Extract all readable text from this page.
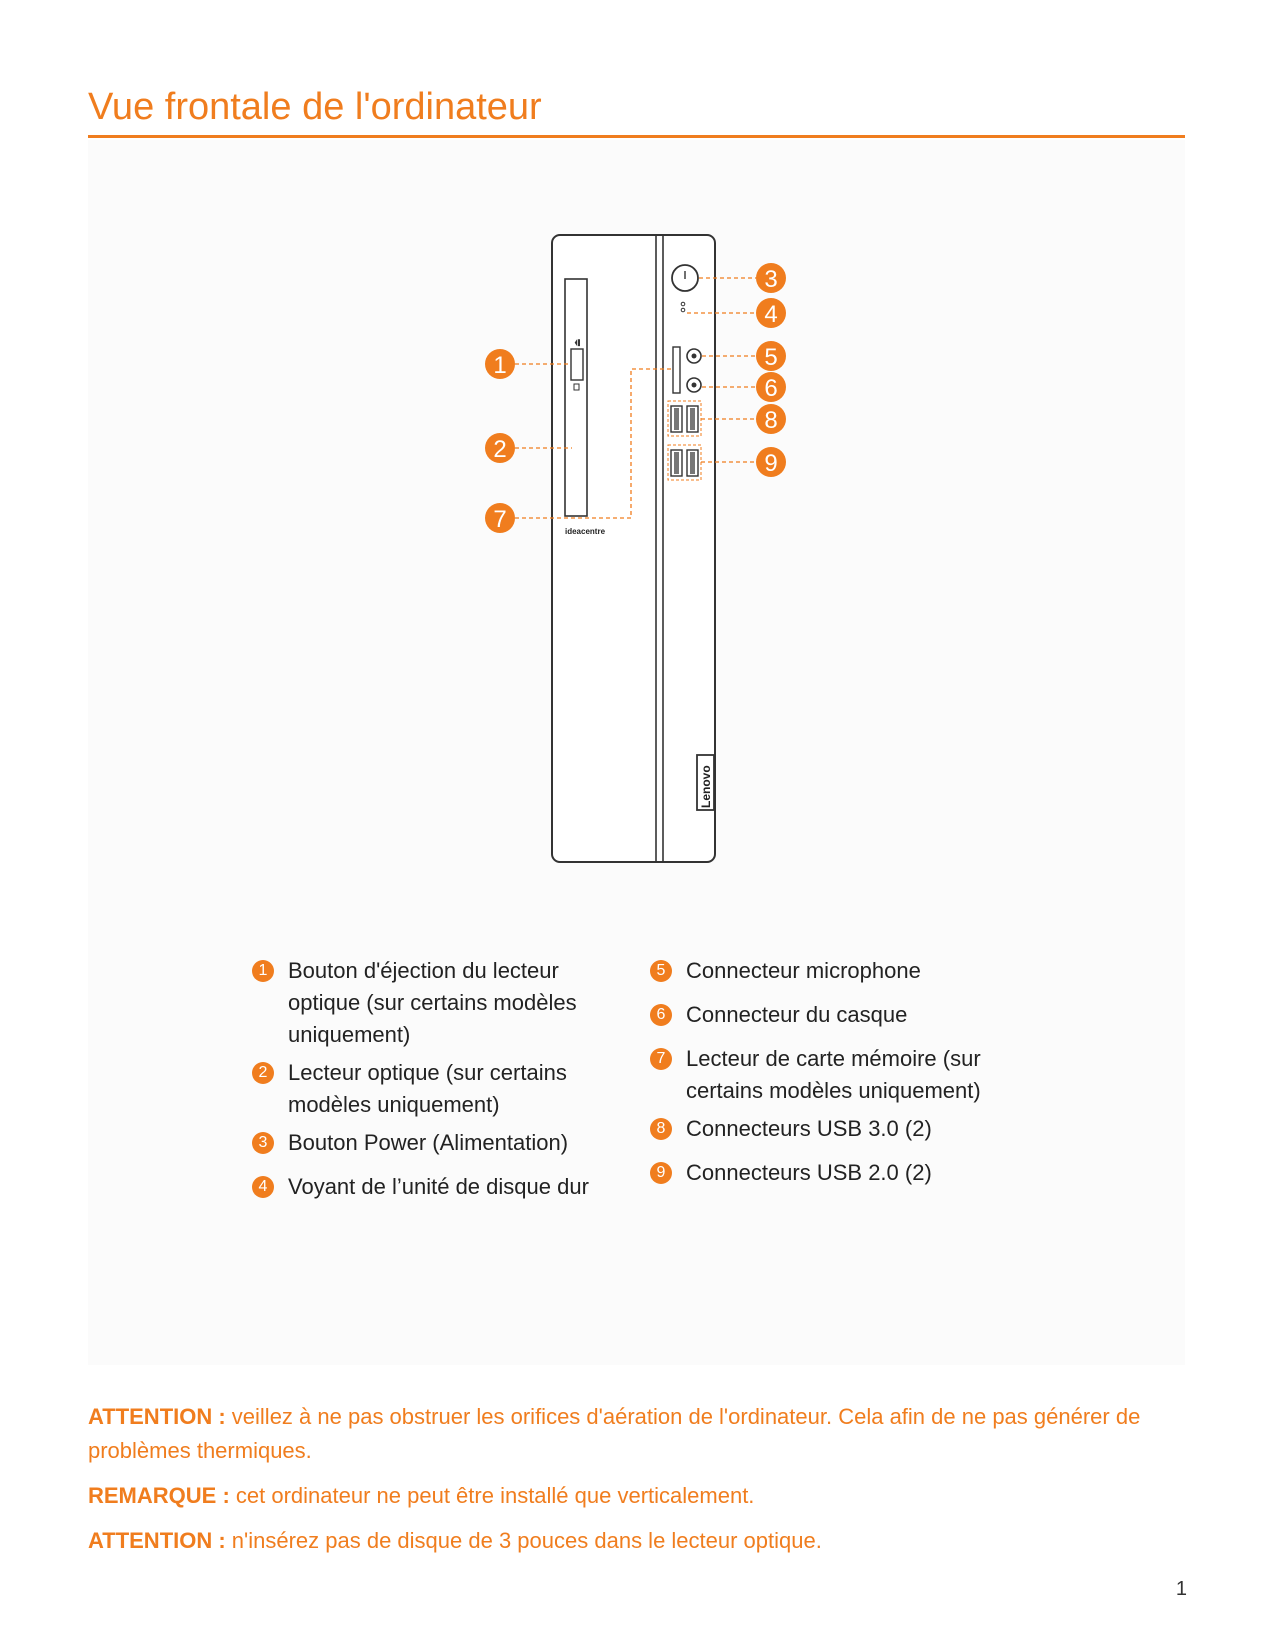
Vue frontale de l'ordinateur
⏏
ideacentre
Lenovo
1
2
7
3
4
5
6
8
9
1 Bouton d'éjection du lecteur optique (sur certains modèles uniquement)
2 Lecteur optique (sur certains modèles uniquement)
3 Bouton Power (Alimentation)
4 Voyant de l’unité de disque dur
5 Connecteur microphone
6 Connecteur du casque
7 Lecteur de carte mémoire (sur certains modèles uniquement)
8 Connecteurs USB 3.0 (2)
9 Connecteurs USB 2.0 (2)
ATTENTION : veillez à ne pas obstruer les orifices d'aération de l'ordinateur. Cela afin de ne pas générer de problèmes thermiques.
REMARQUE : cet ordinateur ne peut être installé que verticalement.
ATTENTION : n'insérez pas de disque de 3 pouces dans le lecteur optique.
1
